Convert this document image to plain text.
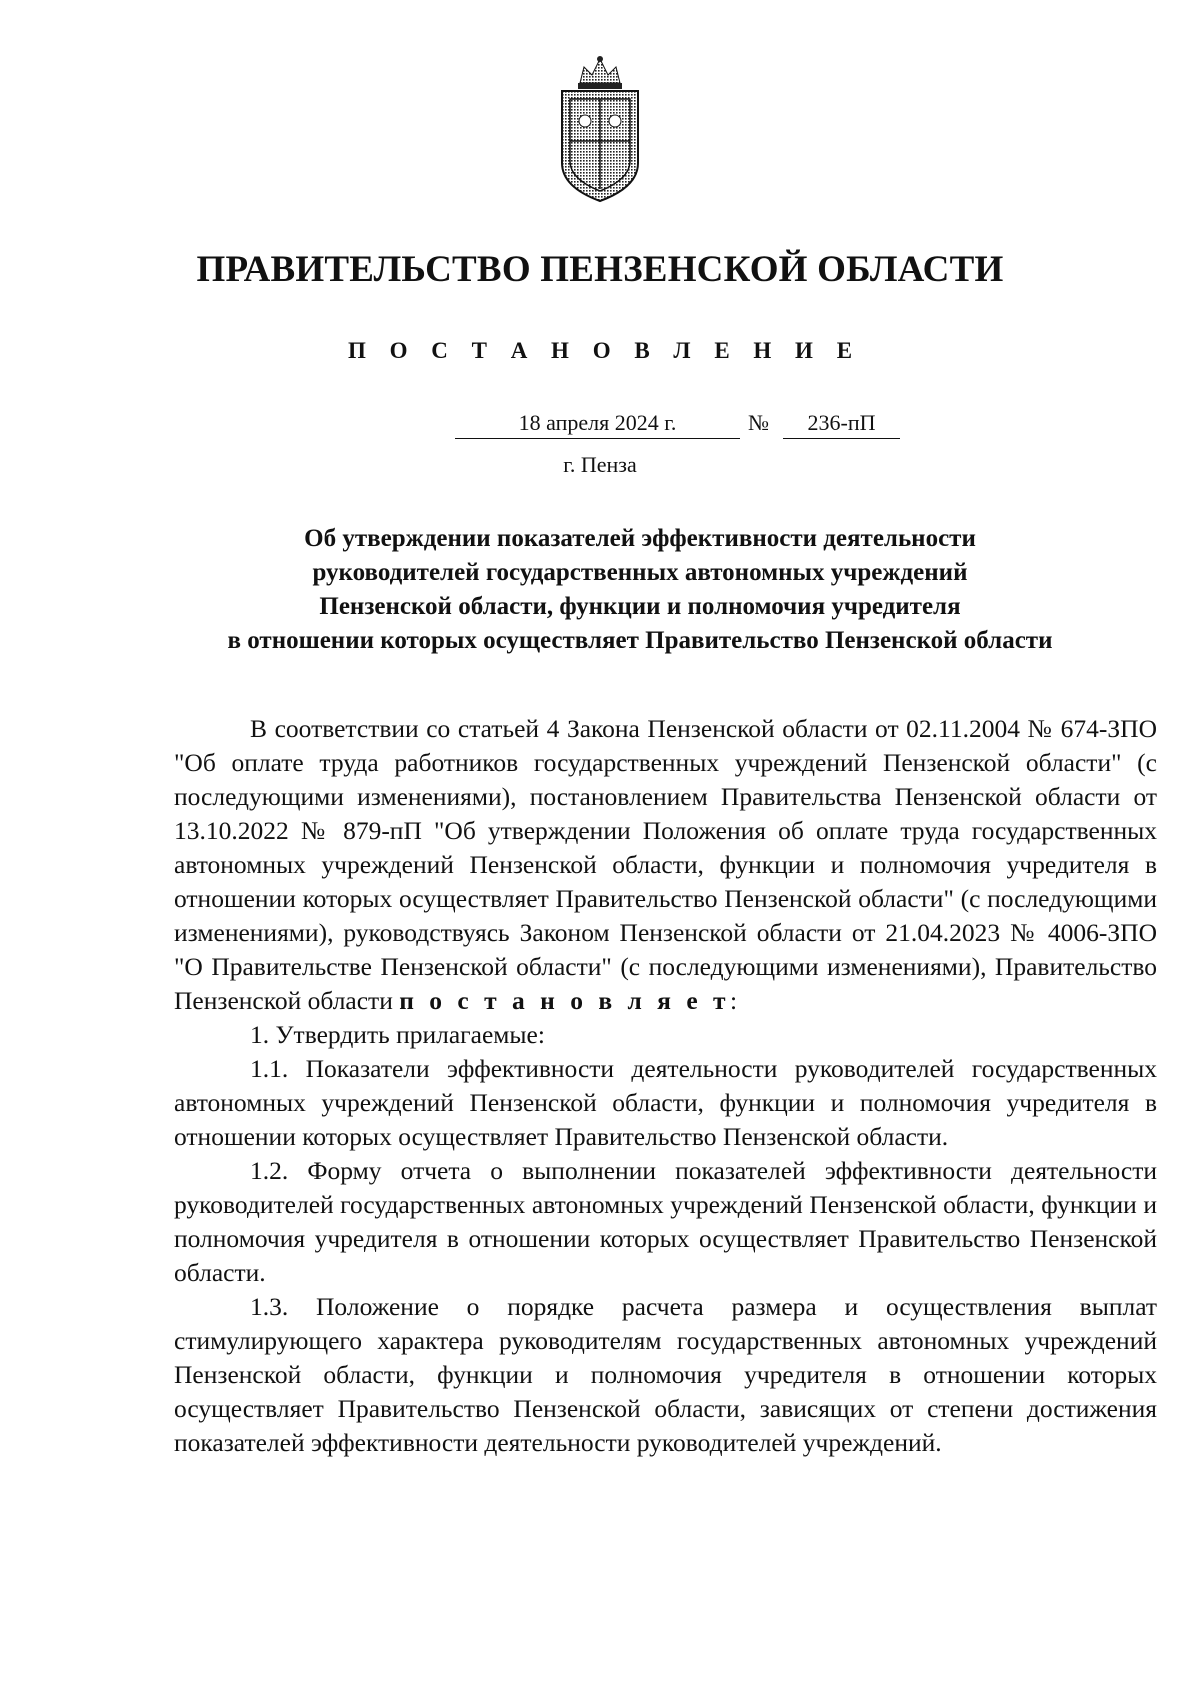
ПРАВИТЕЛЬСТВО ПЕНЗЕНСКОЙ ОБЛАСТИ
П О С Т А Н О В Л Е Н И Е
18 апреля 2024 г.	№	236-пП
г. Пенза
Об утверждении показателей эффективности деятельности
руководителей государственных автономных учреждений
Пензенской области, функции и полномочия учредителя
в отношении которых осуществляет Правительство Пензенской области

В соответствии со статьей 4 Закона Пензенской области от 02.11.2004 № 674-ЗПО "Об оплате труда работников государственных учреждений Пензенской области" (с последующими изменениями), постановлением Правительства Пензенской области от 13.10.2022 № 879-пП "Об утверждении Положения об оплате труда государственных автономных учреждений Пензенской области, функции и полномочия учредителя в отношении которых осуществляет Правительство Пензенской области" (с последующими изменениями), руководствуясь Законом Пензенской области от 21.04.2023 № 4006-ЗПО "О Правительстве Пензенской области" (с последующими изменениями), Правительство Пензенской области п о с т а н о в л я е т:

1. Утвердить прилагаемые:

1.1. Показатели эффективности деятельности руководителей государственных автономных учреждений Пензенской области, функции и полномочия учредителя в отношении которых осуществляет Правительство Пензенской области.

1.2. Форму отчета о выполнении показателей эффективности деятельности руководителей государственных автономных учреждений Пензенской области, функции и полномочия учредителя в отношении которых осуществляет Правительство Пензенской области.

1.3. Положение о порядке расчета размера и осуществления выплат стимулирующего характера руководителям государственных автономных учреждений Пензенской области, функции и полномочия учредителя в отношении которых осуществляет Правительство Пензенской области, зависящих от степени достижения показателей эффективности деятельности руководителей учреждений.
